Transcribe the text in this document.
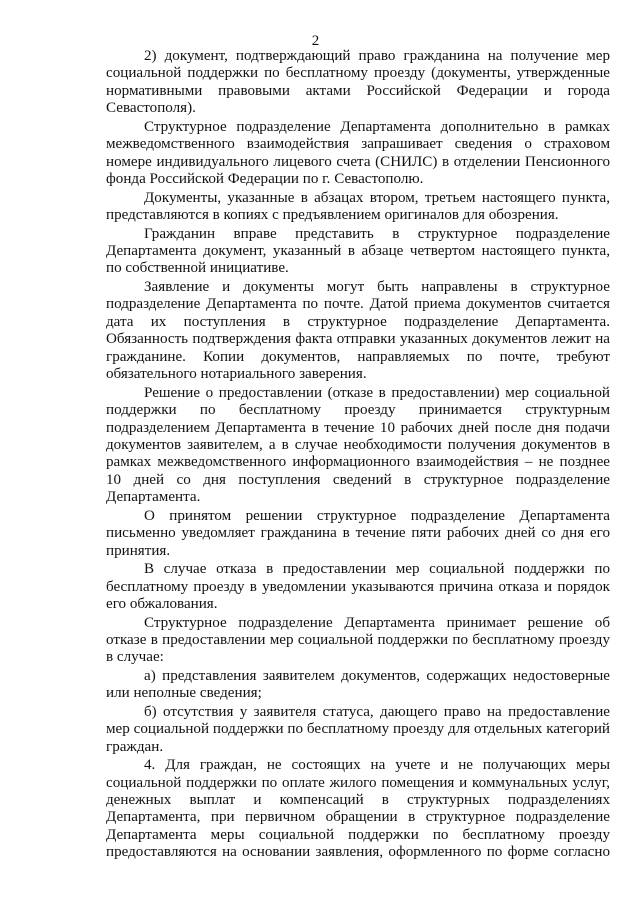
2

2) документ, подтверждающий право гражданина на получение мер социальной поддержки по бесплатному проезду (документы, утвержденные нормативными правовыми актами Российской Федерации и города Севастополя).

Структурное подразделение Департамента дополнительно в рамках межведомственного взаимодействия запрашивает сведения о страховом номере индивидуального лицевого счета (СНИЛС) в отделении Пенсионного фонда Российской Федерации по г. Севастополю.

Документы, указанные в абзацах втором, третьем настоящего пункта, представляются в копиях с предъявлением оригиналов для обозрения.

Гражданин вправе представить в структурное подразделение Департамента документ, указанный в абзаце четвертом настоящего пункта, по собственной инициативе.

Заявление и документы могут быть направлены в структурное подразделение Департамента по почте. Датой приема документов считается дата их поступления в структурное подразделение Департамента. Обязанность подтверждения факта отправки указанных документов лежит на гражданине. Копии документов, направляемых по почте, требуют обязательного нотариального заверения.

Решение о предоставлении (отказе в предоставлении) мер социальной поддержки по бесплатному проезду принимается структурным подразделением Департамента в течение 10 рабочих дней после дня подачи документов заявителем, а в случае необходимости получения документов в рамках межведомственного информационного взаимодействия – не позднее 10 дней со дня поступления сведений в структурное подразделение Департамента.

О принятом решении структурное подразделение Департамента письменно уведомляет гражданина в течение пяти рабочих дней со дня его принятия.

В случае отказа в предоставлении мер социальной поддержки по бесплатному проезду в уведомлении указываются причина отказа и порядок его обжалования.

Структурное подразделение Департамента принимает решение об отказе в предоставлении мер социальной поддержки по бесплатному проезду в случае:

а) представления заявителем документов, содержащих недостоверные или неполные сведения;

б) отсутствия у заявителя статуса, дающего право на предоставление мер социальной поддержки по бесплатному проезду для отдельных категорий граждан.

4. Для граждан, не состоящих на учете и не получающих меры социальной поддержки по оплате жилого помещения и коммунальных услуг, денежных выплат и компенсаций в структурных подразделениях Департамента, при первичном обращении в структурное подразделение Департамента меры социальной поддержки по бесплатному проезду предоставляются на основании заявления, оформленного по форме согласно
